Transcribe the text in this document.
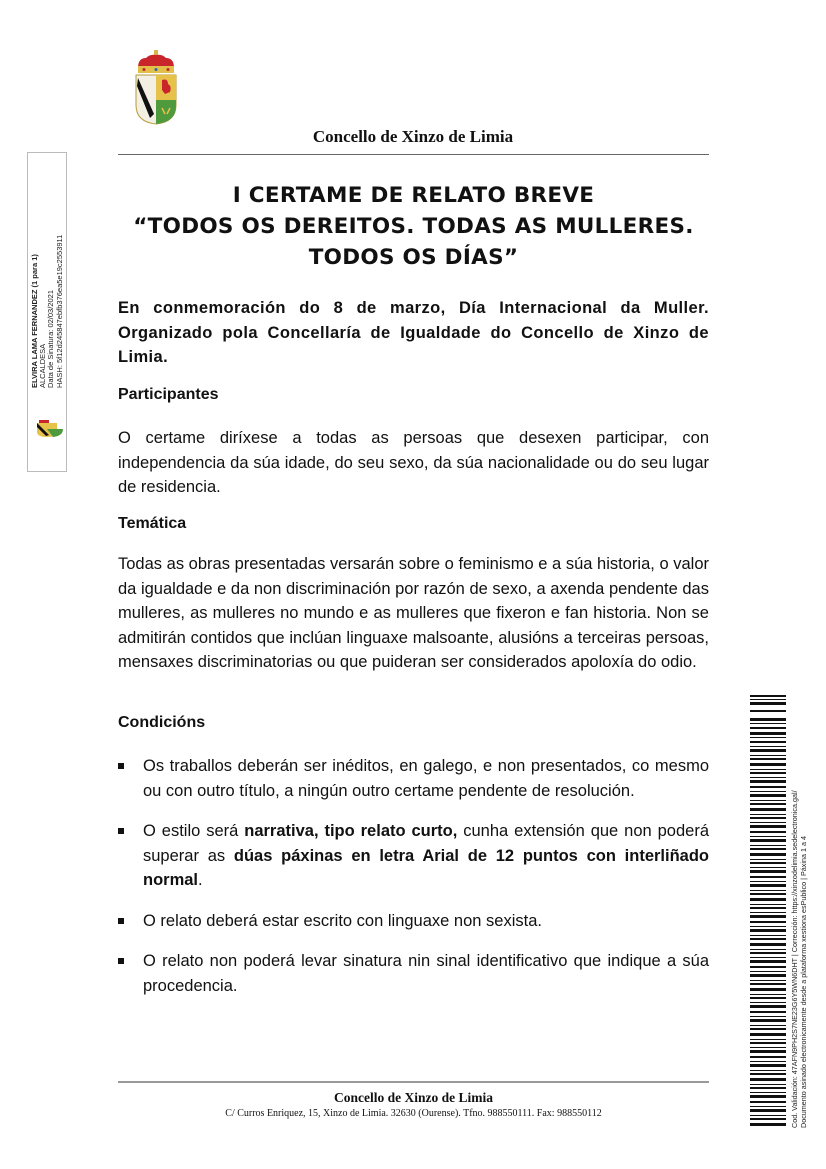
Concello de Xinzo de Limia
I CERTAME DE RELATO BREVE
“TODOS OS DEREITOS. TODAS AS MULLERES.
TODOS OS DÍAS”
En conmemoración do 8 de marzo, Día Internacional da Muller. Organizado pola Concellaría de Igualdade do Concello de Xinzo de Limia.
Participantes
O certame diríxese a todas as persoas que desexen participar, con independencia da súa idade, do seu sexo, da súa nacionalidade ou do seu lugar de residencia.
Temática
Todas as obras presentadas versarán sobre o feminismo e a súa historia, o valor da igualdade e da non discriminación por razón de sexo, a axenda pendente das mulleres, as mulleres no mundo e as mulleres que fixeron e fan historia. Non se admitirán contidos que inclúan linguaxe malsoante, alusións a terceiras persoas, mensaxes discriminatorias ou que puideran ser considerados apoloxía do odio.
Condicións
Os traballos deberán ser inéditos, en galego, e non presentados, co mesmo ou con outro título, a ningún outro certame pendente de resolución.
O estilo será narrativa, tipo relato curto, cunha extensión que non poderá superar as dúas páxinas en letra Arial de 12 puntos con interliñado normal.
O relato deberá estar escrito con linguaxe non sexista.
O relato non poderá levar sinatura nin sinal identificativo que indique a súa procedencia.
Concello de Xinzo de Limia
C/ Curros Enriquez, 15, Xinzo de Limia. 32630 (Ourense). Tfno. 988550111. Fax: 988550112
ELVIRA LAMA FERNANDEZ (1 para 1) ALCALDESA Data de Sinatura: 02/03/2021 HASH: 5f12d245847ebfb376ea5e19c2553911
Cod. Validación: 47AFN9PH2S7NE23G6Y5WN6DHT | Corrección: https://xinzodelimia.sedelectronica.gal/ Documento asinado electronicamente desde a plataforma xestiona esPublico | Páxina 1 a 4
